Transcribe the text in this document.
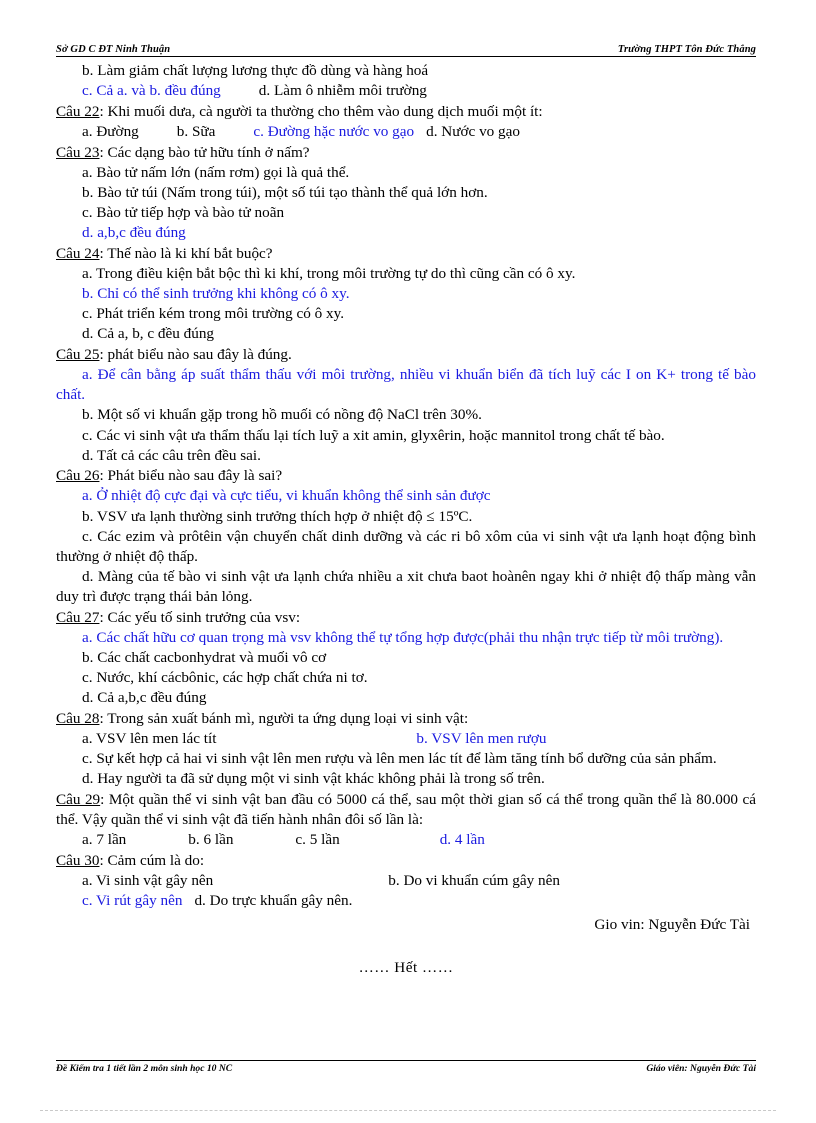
Sở GD C ĐT Ninh Thuận	Trường THPT Tôn Đức Thắng

b. Làm giảm chất lượng lương thực đồ dùng và hàng hoá

c. Cả a. và b. đều đúng	d. Làm ô nhiễm môi trường

Câu 22: Khi muối dưa, cà người ta thường cho thêm vào dung dịch muối một ít:

a. Đường	b. Sữa	c. Đường hặc nước vo gạo d. Nước vo gạo

Câu 23: Các dạng bào tử hữu tính ở nấm?

a. Bào tử nấm lớn (nấm rơm) gọi là quả thể.

b. Bào tử túi (Nấm trong túi), một số túi tạo thành thể quả lớn hơn.

c. Bào tử tiếp hợp và bào tử noãn

d. a,b,c đều đúng

Câu 24: Thế nào là ki khí bắt buộc?

a. Trong điều kiện bắt bộc thì ki khí, trong môi trường tự do thì cũng cần có ô xy.

b. Chỉ có thể sinh trưởng khi không có ô xy.

c. Phát triển kém trong môi trường có ô xy.

d. Cả a, b, c đều đúng

Câu 25: phát biểu nào sau đây là đúng.

a. Để cân bằng áp suất thẩm thấu với môi trường, nhiều vi khuẩn biển đã tích luỹ các I on K+ trong tế bào chất.

b. Một số vi khuẩn gặp trong hồ muối có nồng độ NaCl trên 30%.

c. Các vi sinh vật ưa thẩm thấu lại tích luỹ a xit amin, glyxêrin, hoặc mannitol trong chất tế bào.

d. Tất cả các câu trên đều sai.

Câu 26: Phát biểu nào sau đây là sai?

a. Ở nhiệt độ cực đại và cực tiểu, vi khuẩn không thể sinh sản được

b. VSV ưa lạnh thường sinh trưởng thích hợp ở nhiệt độ ≤ 15ºC.

c. Các ezim và prôtêin vận chuyển chất dinh dưỡng và các ri bô xôm của vi sinh vật ưa lạnh hoạt động bình thường ở nhiệt độ thấp.

d. Màng của tế bào vi sinh vật ưa lạnh chứa nhiều a xit chưa baot hoànên ngay khi ở nhiệt độ thấp màng vẫn duy trì được trạng thái bản lỏng.

Câu 27: Các yếu tố sinh trưởng của vsv:

a. Các chất hữu cơ quan trọng mà vsv không thể tự tổng hợp được(phải thu nhận trực tiếp từ môi trường).

b. Các chất cacbonhydrat và muối vô cơ

c. Nước, khí cácbônic, các hợp chất chứa ni tơ.

d. Cả a,b,c đều đúng

Câu 28: Trong sản xuất bánh mì, người ta ứng dụng loại vi sinh vật:

a. VSV lên men lác tít	b. VSV lên men rượu

c. Sự kết hợp cả hai vi sinh vật lên men rượu và lên men lác tít để làm tăng tính bổ dưỡng của sản phẩm.

d. Hay người ta đã sử dụng một vi sinh vật khác không phải là trong số trên.

Câu 29: Một quần thể vi sinh vật ban đầu có 5000 cá thể, sau một thời gian số cá thể trong quần thể là 80.000 cá thể. Vậy quần thể vi sinh vật đã tiến hành nhân đôi số lần là:

a. 7 lần	b. 6 lần	c. 5 lần	d. 4 lần

Câu 30: Cảm cúm là do:

a. Vi sinh vật gây nên	b. Do vi khuẩn cúm gây nên

c. Vi rút gây nên d. Do trực khuẩn gây nên.

Gio vin: Nguyễn Đức Tài

…… Hết ……

Đề Kiểm tra 1 tiết lần 2 môn sinh học 10 NC	Giáo viên: Nguyễn Đức Tài
